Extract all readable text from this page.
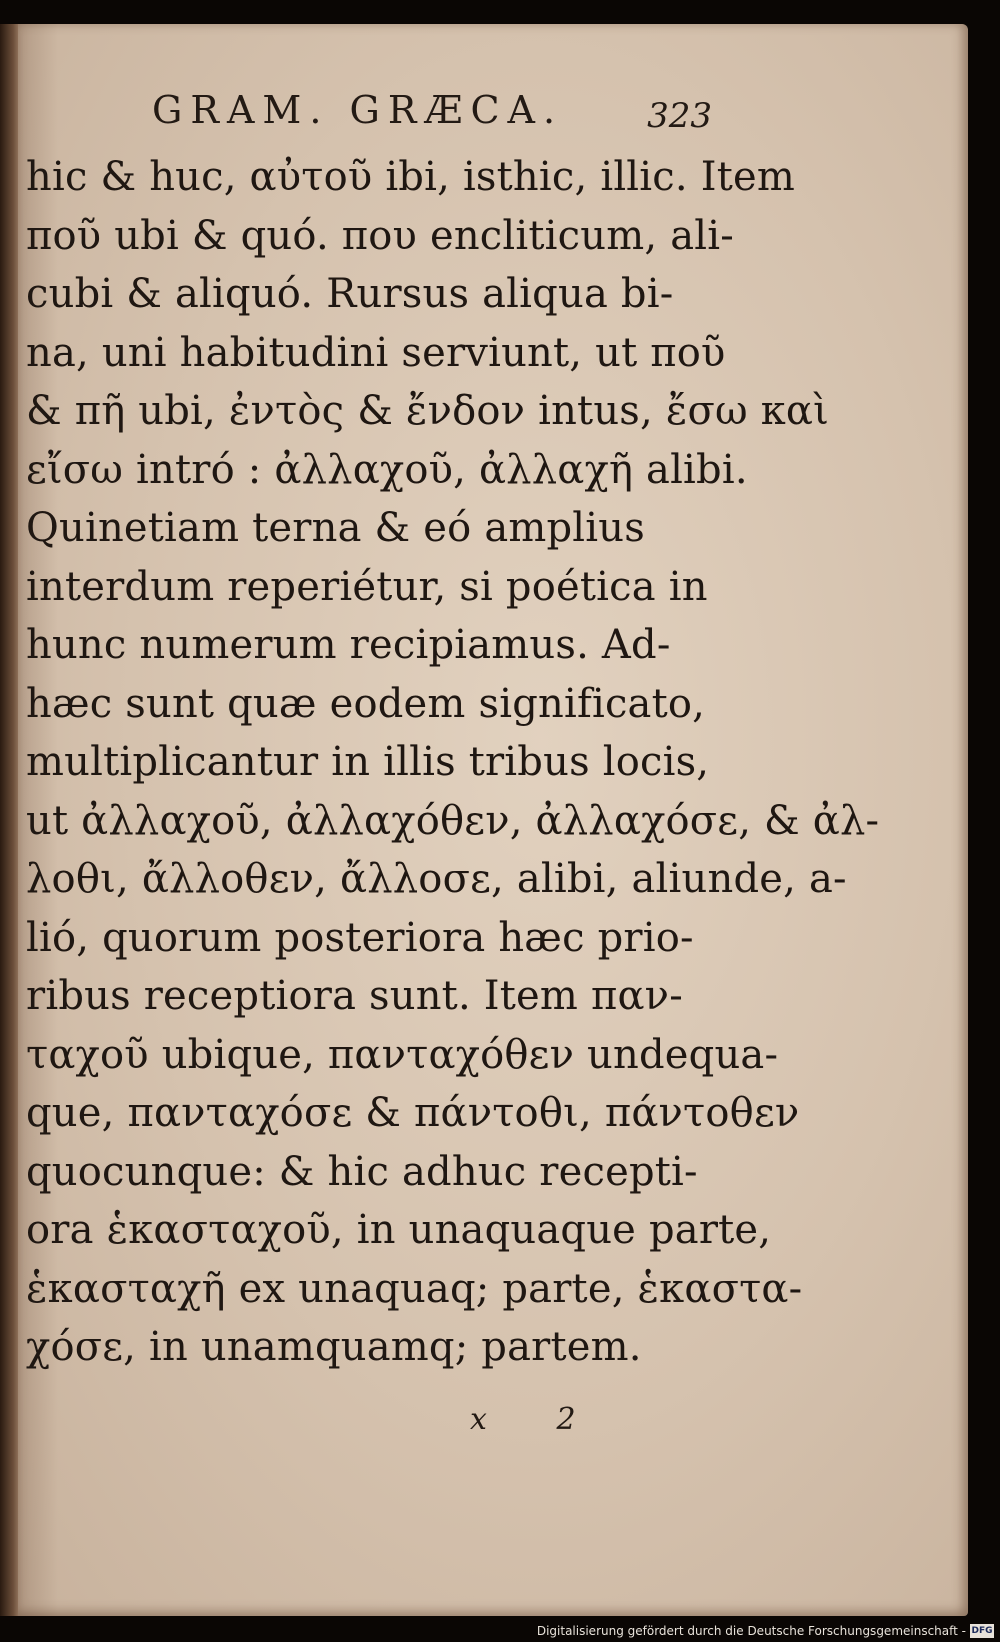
GRAM. GRÆCA. 323
hic & huc, αὐτοῦ ibi, isthic, illic. Item
ποῦ ubi & quó. που encliticum, ali-
cubi & aliquó. Rursus aliqua bi-
na, uni habitudini serviunt, ut ποῦ
& πῆ ubi, ἐντὸς & ἔνδον intus, ἔσω καὶ
εἴσω intró : ἀλλαχοῦ, ἀλλαχῆ alibi.
Quinetiam terna & eó amplius
interdum reperiétur, si poética in
hunc numerum recipiamus. Ad-
hæc sunt quæ eodem significato,
multiplicantur in illis tribus locis,
ut ἀλλαχοῦ, ἀλλαχόθεν, ἀλλαχόσε, & ἀλ-
λοθι, ἄλλοθεν, ἄλλοσε, alibi, aliunde, a-
lió, quorum posteriora hæc prio-
ribus receptiora sunt. Item παν-
ταχοῦ ubique, πανταχόθεν undequa-
que, πανταχόσε & πάντοθι, πάντοθεν
quocunque: & hic adhuc recepti-
ora ἑκασταχοῦ, in unaquaque parte,
ἑκασταχῆ ex unaquaq; parte, ἑκαστα-
χόσε, in unamquamq; partem.
x 2
Digitalisierung gefördert durch die Deutsche Forschungsgemeinschaft - DFG
